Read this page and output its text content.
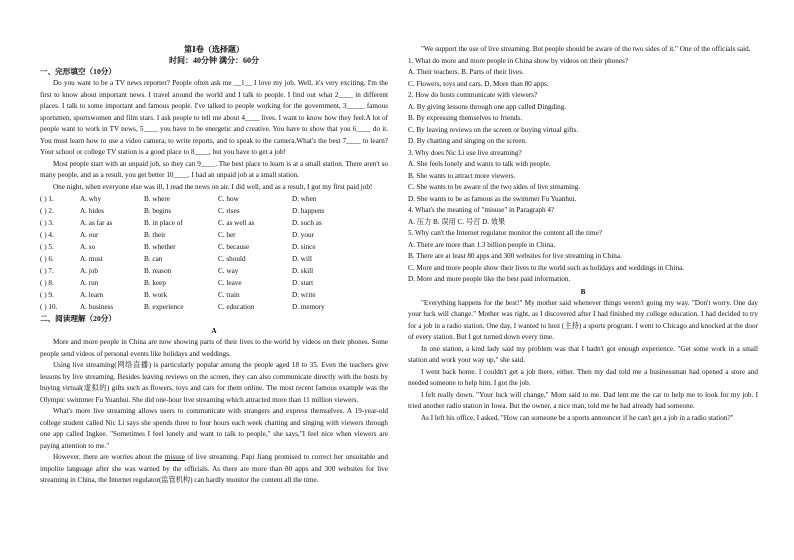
第Ⅰ卷（选择题）
时间：40分钟 满分：60分
一、完形填空（10分）

Do you want to be a TV news reporter? People often ask me __1__ I love my job. Well, it's very exciting. I'm the first to know about important news. I travel around the world and I talk to people. I find out what 2____ in different places. I talk to some important and famous people. I've talked to people working for the government, 3_____ famous sportsmen, sportswomen and film stars. I ask people to tell me about 4____ lives. I want to know how they feel.A lot of people want to work in TV news, 5____ you have to be energetic and creative. You have to show that you 6____ do it. You must learn how to use a video camera, to write reports, and to speak to the camera.What's the best 7____ to learn? Your school or college TV station is a good place to 8____, but you have to get a job!

Most people start with an unpaid job, so they can 9____. The best place to learn is at a small station. There aren't so many people, and as a result, you get better 10____. I had an unpaid job at a small station.

One night, when everyone else was ill, I read the news on air. I did well, and as a result, I got my first paid job!

( ) 1.	A. why	B. where	C. how	D. when
( ) 2.	A. hides	B. begins	C. rises	D. happens
( ) 3.	A. as far as	B. in place of	C. as well as	D. such as
( ) 4.	A. our	B. their	C. her	D. your
( ) 5.	A. so	B. whether	C. because	D. since
( ) 6.	A. must	B. can	C. should	D. will
( ) 7.	A. job	B. reason	C. way	D. skill
( ) 8.	A. run	B. keep	C. leave	D. start
( ) 9.	A. learn	B. work	C. train	D. write
( ) 10.	A. business	B. experience	C. education	D. memory
二、阅读理解（20分）
A

More and more people in China are now showing parts of their lives to the world by videos on their phones. Some people send videos of personal events like holidays and weddings.

Using live streaming(网络直播) is particularly popular among the people aged 18 to 35. Even the teachers give lessons by live streaming. Besides leaving reviews on the screen, they can also communicate directly with the hosts by buying virtual(虚拟的) gifts such as flowers, toys and cars for them online. The most recent famous example was the Olympic swimmer Fu Yuanhui. She did one-hour live streaming which attracted more than 11 million viewers.

What's more live streaming allows users to communicate with strangers and express themselves. A 19-year-old college student called Nic Li says she spends three to four hours each week chatting and singing with viewers through one app called Ingkee. "Sometimes I feel lonely and want to talk to people," she says,"I feel nice when viewers are paying attention to me."

However, there are worries about the misuse of live streaming. Papi Jiang promised to correct her unsuitable and impolite language after she was warned by the officials. As there are more than 80 apps and 300 websites for live streaming in China, the Internet regulator(监管机构) can hardly monitor the content all the time.

"We support the use of live streaming. But people should be aware of the two sides of it." One of the officials said.

1. What do more and more people in China show by videos on their phones?

A. Their teachers. B. Parts of their lives.

C. Flowers, toys and cars. D. More than 80 apps.

2. How do hosts communicate with viewers?

A. By giving lessons through one app called Dingding.

B. By expressing themselves to friends.

C. By leaving reviews on the screen or buying virtual gifts.

D. By chatting and singing on the screen.

3. Why does Nic Li use live streaming?

A. She feels lonely and wants to talk with people.

B. She wants to attract more viewers.

C. She wants to be aware of the two sides of live streaming.

D. She wants to be as famous as the swimmer Fu Yuanhui.

4. What's the meaning of "misuse" in Paragraph 4?

A. 压力 B. 误用 C. 号召 D. 效果

5. Why can't the Internet regulator monitor the content all the time?

A. There are more than 1.3 billion people in China.

B. There are at least 80 apps and 300 websites for live streaming in China.

C. More and more people show their lives to the world such as holidays and weddings in China.

D. More and more people like the best paid information.

B

"Everything happens for the best!" My mother said whenever things weren't going my way. "Don't worry. One day your luck will change." Mother was right, as I discovered after I had finished my college education. I had decided to try for a job in a radio station. One day, I wanted to host (主持) a sports program. I went to Chicago and knocked at the door of every station. But I got turned down every time.

In one station, a kind lady said my problem was that I hadn't got enough experience. "Get some work in a small station and work your way up," she said.

I went back home. I couldn't get a job there, either. Then my dad told me a businessman had opened a store and needed someone to help him. I got the job.

I felt really down. "Your luck will change," Mom said to me. Dad lent me the car to help me to look for my job. I tried another radio station in Iowa. But the owner, a nice man, told me he had already had someone.

As I left his office, I asked, "How can someone be a sports announcer if he can't get a job in a radio station?"
